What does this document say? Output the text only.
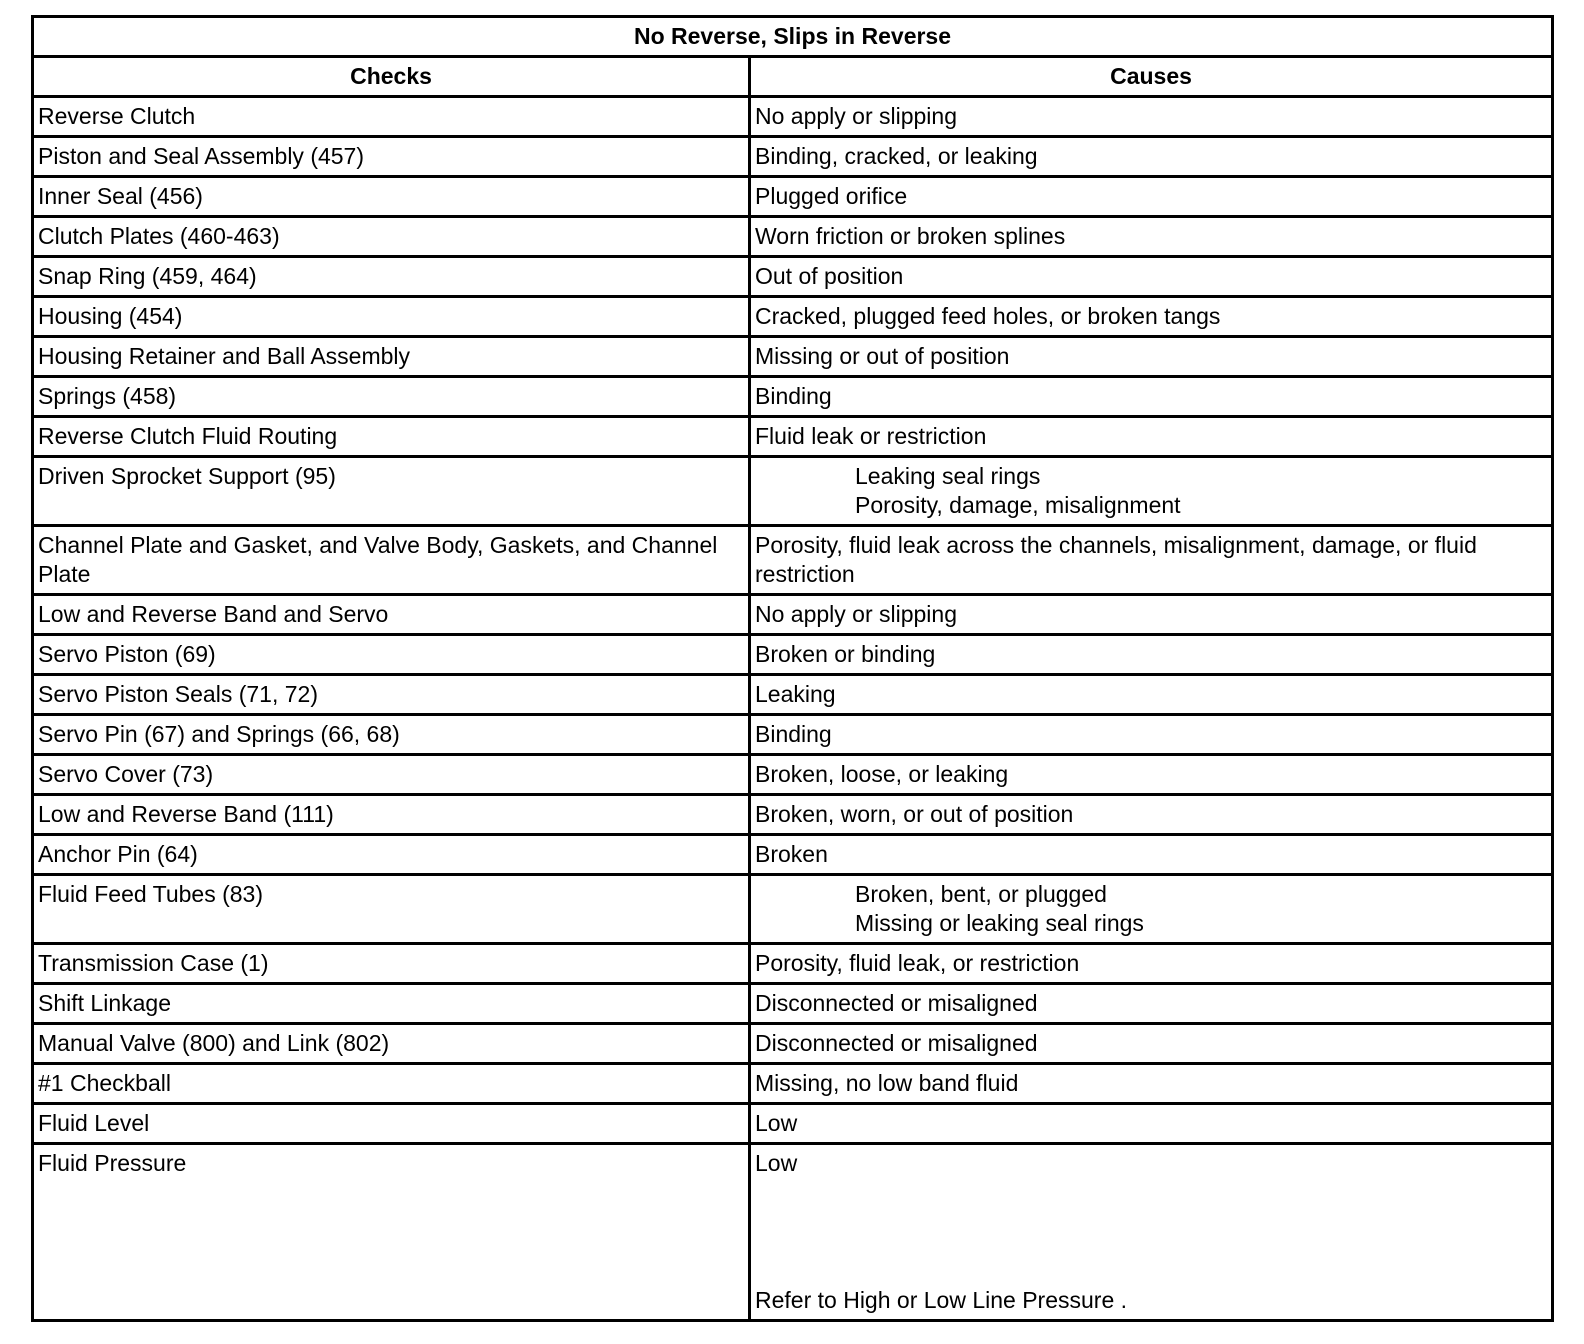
No Reverse, Slips in Reverse	
Checks	Causes
Reverse Clutch	No apply or slipping

Piston and Seal Assembly (457)	Binding, cracked, or leaking

Inner Seal (456)	Plugged orifice

Clutch Plates (460-463)	Worn friction or broken splines

Snap Ring (459, 464)	Out of position

Housing (454)	Cracked, plugged feed holes, or broken tangs

Housing Retainer and Ball Assembly	Missing or out of position

Springs (458)	Binding

Reverse Clutch Fluid Routing	Fluid leak or restriction

Driven Sprocket Support (95)	Leaking seal rings
Porosity, damage, misalignment

Channel Plate and Gasket, and Valve Body, Gaskets, and Channel Plate	Porosity, fluid leak across the channels, misalignment, damage, or fluid restriction

Low and Reverse Band and Servo	No apply or slipping

Servo Piston (69)	Broken or binding

Servo Piston Seals (71, 72)	Leaking

Servo Pin (67) and Springs (66, 68)	Binding

Servo Cover (73)	Broken, loose, or leaking

Low and Reverse Band (111)	Broken, worn, or out of position

Anchor Pin (64)	Broken

Fluid Feed Tubes (83)	Broken, bent, or plugged
Missing or leaking seal rings

Transmission Case (1)	Porosity, fluid leak, or restriction

Shift Linkage	Disconnected or misaligned

Manual Valve (800) and Link (802)	Disconnected or misaligned

#1 Checkball	Missing, no low band fluid

Fluid Level	Low

Fluid Pressure	Low
Refer to High or Low Line Pressure .
